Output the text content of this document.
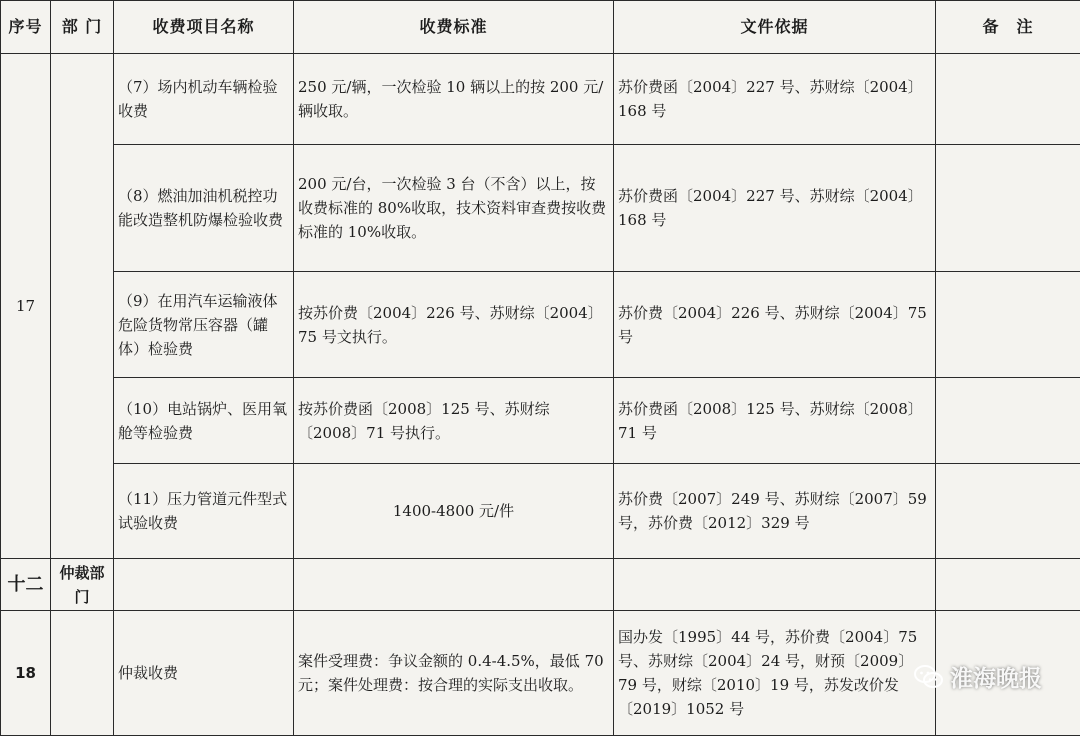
序号	部 门	收费项目名称	收费标准	文件依据	备　注
17		（7）场内机动车辆检验收费	250 元/辆，一次检验 10 辆以上的按 200 元/辆收取。	苏价费函〔2004〕227 号、苏财综〔2004〕168 号	
		（8）燃油加油机税控功能改造整机防爆检验收费	200 元/台，一次检验 3 台（不含）以上，按收费标准的 80%收取，技术资料审查费按收费标准的 10%收取。	苏价费函〔2004〕227 号、苏财综〔2004〕168 号	
		（9）在用汽车运输液体危险货物常压容器（罐体）检验费	按苏价费〔2004〕226 号、苏财综〔2004〕75 号文执行。	苏价费〔2004〕226 号、苏财综〔2004〕75 号	
		（10）电站锅炉、医用氧舱等检验费	按苏价费函〔2008〕125 号、苏财综〔2008〕71 号执行。	苏价费函〔2008〕125 号、苏财综〔2008〕71 号	
		（11）压力管道元件型式试验收费	1400-4800 元/件	苏价费〔2007〕249 号、苏财综〔2007〕59 号，苏价费〔2012〕329 号	
十二	仲裁部门				
18		仲裁收费	案件受理费：争议金额的 0.4-4.5%，最低 70 元；案件处理费：按合理的实际支出收取。	国办发〔1995〕44 号，苏价费〔2004〕75 号、苏财综〔2004〕24 号，财预〔2009〕79 号，财综〔2010〕19 号，苏发改价发〔2019〕1052 号	
淮海晚报
